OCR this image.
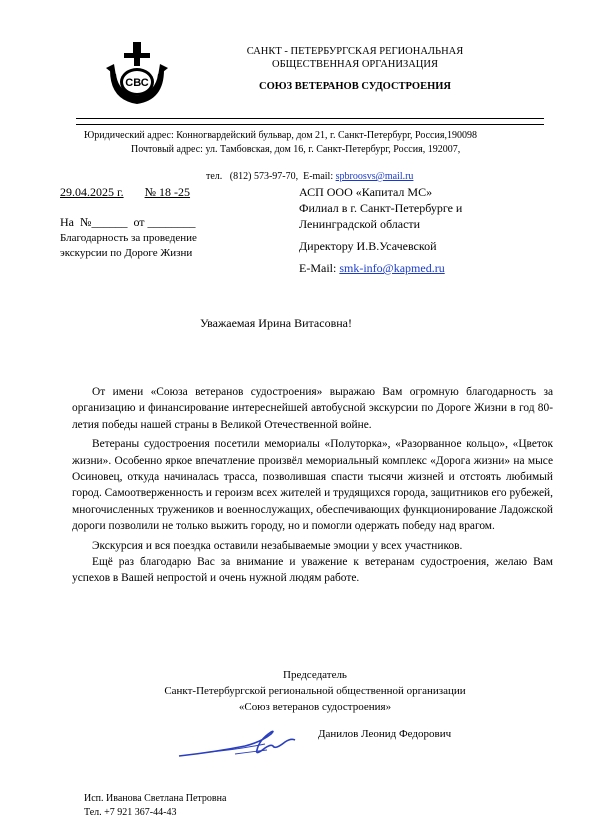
СВС
САНКТ - ПЕТЕРБУРГСКАЯ РЕГИОНАЛЬНАЯ
ОБЩЕСТВЕННАЯ ОРГАНИЗАЦИЯ
СОЮЗ ВЕТЕРАНОВ СУДОСТРОЕНИЯ
Юридический адрес: Конногвардейский бульвар, дом 21, г. Санкт-Петербург, Россия,190098
Почтовый адрес: ул. Тамбовская, дом 16, г. Санкт-Петербург, Россия, 192007,

тел.   (812) 573-97-70,  E-mail: spbroosvs@mail.ru

29.04.2025 г. № 18 -25
На  №______  от ________
Благодарность за проведение
экскурсии по Дороге Жизни
АСП ООО «Капитал МС»
Филиал в г. Санкт-Петербурге и
Ленинградской области
Директору И.В.Усачевской
E-Mail: smk-info@kapmed.ru
Уважаемая Ирина Витасовна!

От имени «Союза ветеранов судостроения» выражаю Вам огромную благодарность за организацию и финансирование интереснейшей автобусной экскурсии по Дороге Жизни в год 80-летия победы нашей страны в Великой Отечественной войне.

Ветераны судостроения посетили мемориалы «Полуторка», «Разорванное кольцо», «Цветок жизни». Особенно яркое впечатление произвёл мемориальный комплекс «Дорога жизни» на мысе Осиновец, откуда начиналась трасса, позволившая спасти тысячи жизней и отстоять любимый город. Самоотверженность и героизм всех жителей и трудящихся города, защитников его рубежей, многочисленных тружеников и военнослужащих, обеспечивающих функционирование Ладожской дороги позволили не только выжить городу, но и помогли одержать победу над врагом.

Экскурсия и вся поездка оставили незабываемые эмоции у всех участников.

Ещё раз благодарю Вас за внимание и уважение к ветеранам судостроения, желаю Вам успехов в Вашей непростой и очень нужной людям работе.

Председатель
Санкт-Петербургской региональной общественной организации
«Союз ветеранов судостроения»
Данилов Леонид Федорович
Исп. Иванова Светлана Петровна
Тел. +7 921 367-44-43
